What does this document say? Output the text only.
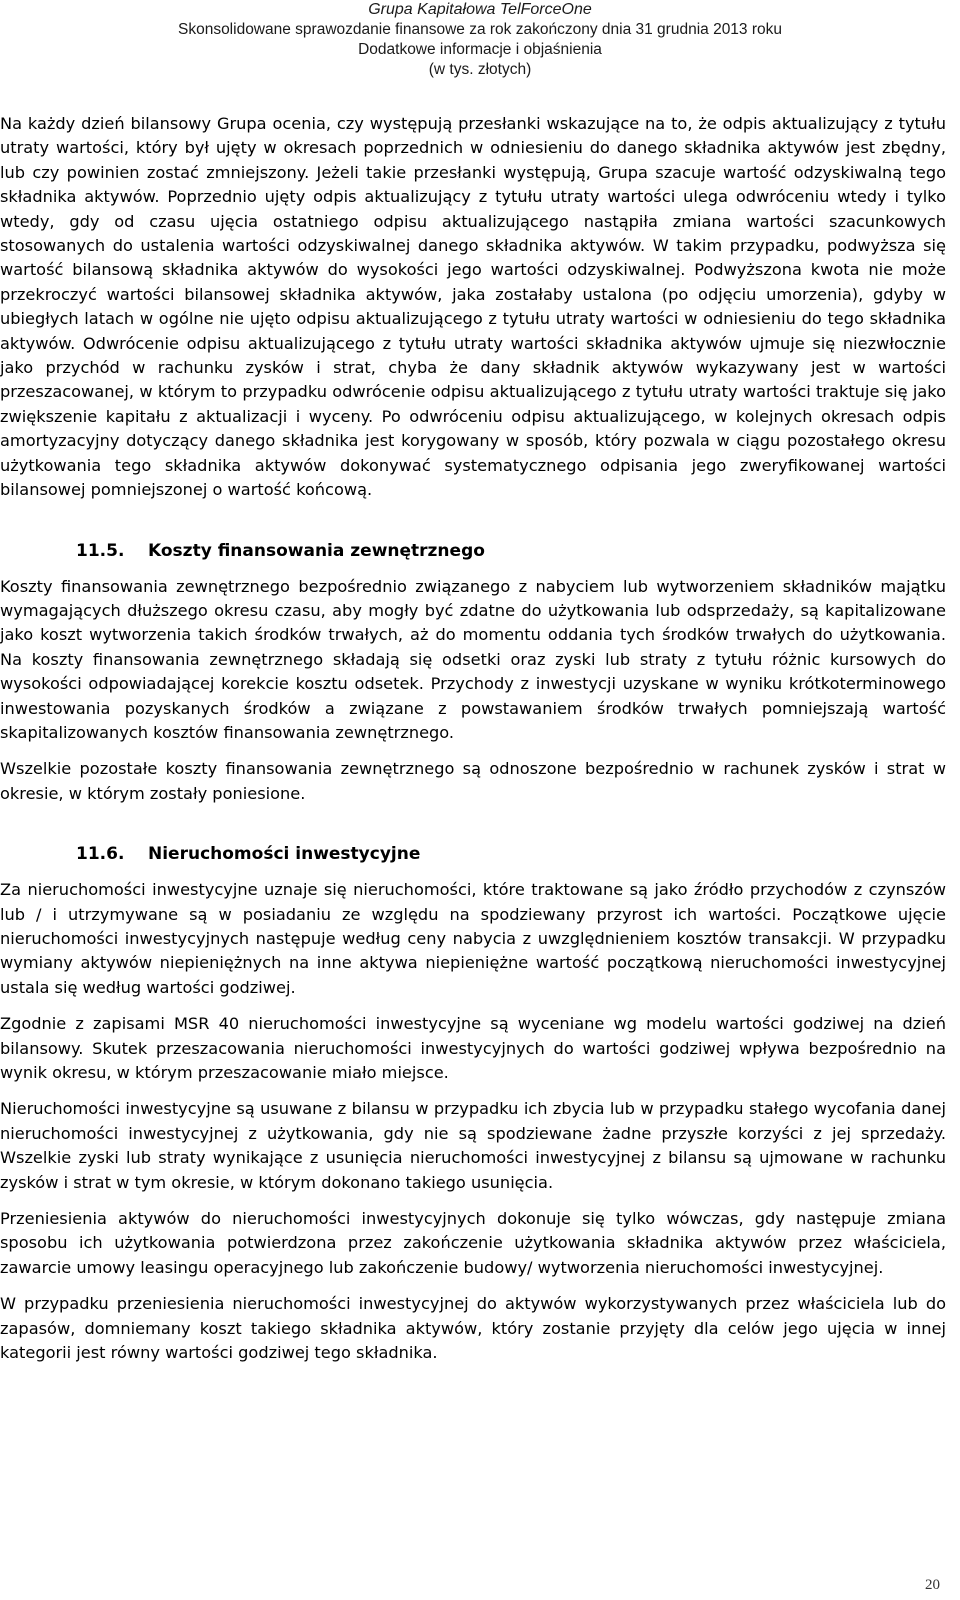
Grupa Kapitałowa TelForceOne
Skonsolidowane sprawozdanie finansowe za rok zakończony dnia 31 grudnia 2013 roku
Dodatkowe informacje i objaśnienia
(w tys. złotych)

Na każdy dzień bilansowy Grupa ocenia, czy występują przesłanki wskazujące na to, że odpis aktualizujący z tytułu utraty wartości, który był ujęty w okresach poprzednich w odniesieniu do danego składnika aktywów jest zbędny, lub czy powinien zostać zmniejszony. Jeżeli takie przesłanki występują, Grupa szacuje wartość odzyskiwalną tego składnika aktywów. Poprzednio ujęty odpis aktualizujący z tytułu utraty wartości ulega odwróceniu wtedy i tylko wtedy, gdy od czasu ujęcia ostatniego odpisu aktualizującego nastąpiła zmiana wartości szacunkowych stosowanych do ustalenia wartości odzyskiwalnej danego składnika aktywów. W takim przypadku, podwyższa się wartość bilansową składnika aktywów do wysokości jego wartości odzyskiwalnej. Podwyższona kwota nie może przekroczyć wartości bilansowej składnika aktywów, jaka zostałaby ustalona (po odjęciu umorzenia), gdyby w ubiegłych latach w ogólne nie ujęto odpisu aktualizującego z tytułu utraty wartości w odniesieniu do tego składnika aktywów. Odwrócenie odpisu aktualizującego z tytułu utraty wartości składnika aktywów ujmuje się niezwłocznie jako przychód w rachunku zysków i strat, chyba że dany składnik aktywów wykazywany jest w wartości przeszacowanej, w którym to przypadku odwrócenie odpisu aktualizującego z tytułu utraty wartości traktuje się jako zwiększenie kapitału z aktualizacji i wyceny. Po odwróceniu odpisu aktualizującego, w kolejnych okresach odpis amortyzacyjny dotyczący danego składnika jest korygowany w sposób, który pozwala w ciągu pozostałego okresu użytkowania tego składnika aktywów dokonywać systematycznego odpisania jego zweryfikowanej wartości bilansowej pomniejszonej o wartość końcową.

11.5. Koszty finansowania zewnętrznego

Koszty finansowania zewnętrznego bezpośrednio związanego z nabyciem lub wytworzeniem składników majątku wymagających dłuższego okresu czasu, aby mogły być zdatne do użytkowania lub odsprzedaży, są kapitalizowane jako koszt wytworzenia takich środków trwałych, aż do momentu oddania tych środków trwałych do użytkowania. Na koszty finansowania zewnętrznego składają się odsetki oraz zyski lub straty z tytułu różnic kursowych do wysokości odpowiadającej korekcie kosztu odsetek. Przychody z inwestycji uzyskane w wyniku krótkoterminowego inwestowania pozyskanych środków a związane z powstawaniem środków trwałych pomniejszają wartość skapitalizowanych kosztów finansowania zewnętrznego.

Wszelkie pozostałe koszty finansowania zewnętrznego są odnoszone bezpośrednio w rachunek zysków i strat w okresie, w którym zostały poniesione.

11.6. Nieruchomości inwestycyjne

Za nieruchomości inwestycyjne uznaje się nieruchomości, które traktowane są jako źródło przychodów z czynszów lub / i utrzymywane są w posiadaniu ze względu na spodziewany przyrost ich wartości. Początkowe ujęcie nieruchomości inwestycyjnych następuje według ceny nabycia z uwzględnieniem kosztów transakcji. W przypadku wymiany aktywów niepieniężnych na inne aktywa niepieniężne wartość początkową nieruchomości inwestycyjnej ustala się według wartości godziwej.

Zgodnie z zapisami MSR 40 nieruchomości inwestycyjne są wyceniane wg modelu wartości godziwej na dzień bilansowy. Skutek przeszacowania nieruchomości inwestycyjnych do wartości godziwej wpływa bezpośrednio na wynik okresu, w którym przeszacowanie miało miejsce.

Nieruchomości inwestycyjne są usuwane z bilansu w przypadku ich zbycia lub w przypadku stałego wycofania danej nieruchomości inwestycyjnej z użytkowania, gdy nie są spodziewane żadne przyszłe korzyści z jej sprzedaży. Wszelkie zyski lub straty wynikające z usunięcia nieruchomości inwestycyjnej z bilansu są ujmowane w rachunku zysków i strat w tym okresie, w którym dokonano takiego usunięcia.

Przeniesienia aktywów do nieruchomości inwestycyjnych dokonuje się tylko wówczas, gdy następuje zmiana sposobu ich użytkowania potwierdzona przez zakończenie użytkowania składnika aktywów przez właściciela, zawarcie umowy leasingu operacyjnego lub zakończenie budowy/ wytworzenia nieruchomości inwestycyjnej.

W przypadku przeniesienia nieruchomości inwestycyjnej do aktywów wykorzystywanych przez właściciela lub do zapasów, domniemany koszt takiego składnika aktywów, który zostanie przyjęty dla celów jego ujęcia w innej kategorii jest równy wartości godziwej tego składnika.

20
